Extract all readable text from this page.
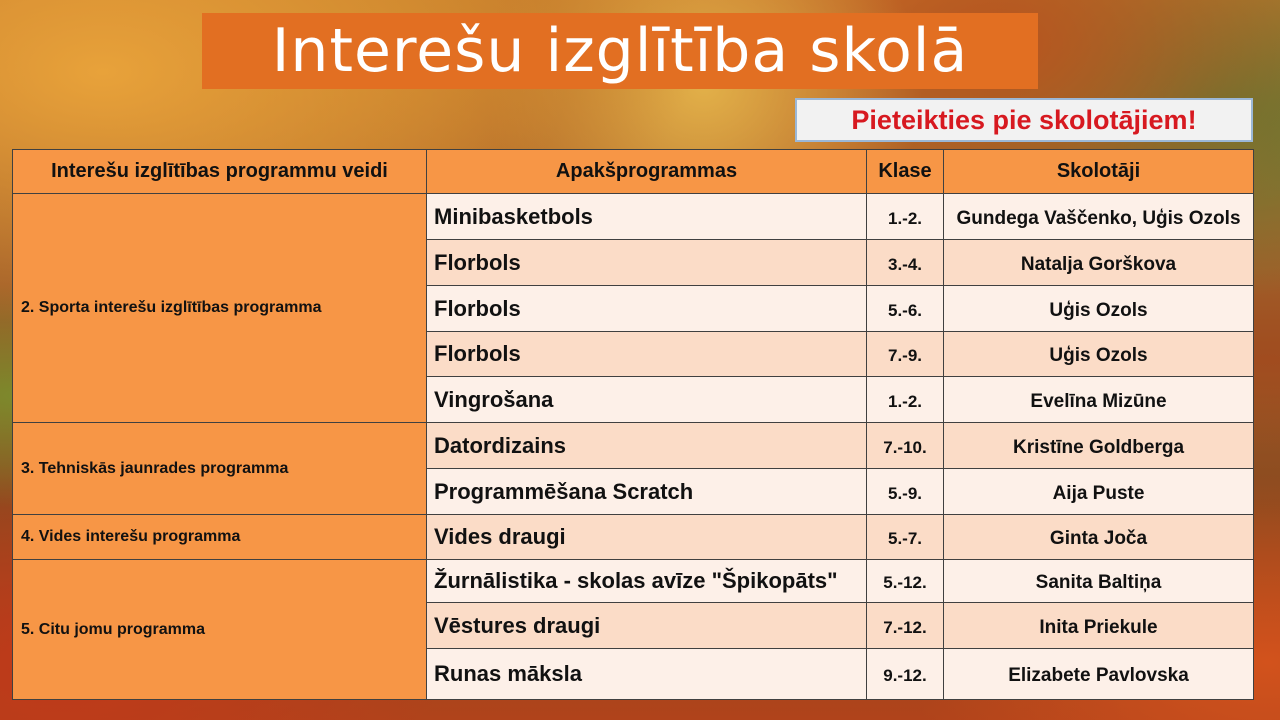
Interešu izglītība skolā
Pieteikties pie skolotājiem!
Interešu izglītības programmu veidi	Apakšprogrammas	Klase	Skolotāji
2. Sporta interešu izglītības programma	Minibasketbols	1.-2.	Gundega Vaščenko, Uģis Ozols
	Florbols	3.-4.	Natalja Gorškova
	Florbols	5.-6.	Uģis Ozols
	Florbols	7.-9.	Uģis Ozols
	Vingrošana	1.-2.	Evelīna Mizūne
3. Tehniskās jaunrades programma	Datordizains	7.-10.	Kristīne Goldberga
	Programmēšana Scratch	5.-9.	Aija Puste
4. Vides interešu programma	Vides draugi	5.-7.	Ginta Joča
5. Citu jomu programma	Žurnālistika - skolas avīze "Špikopāts"	5.-12.	Sanita Baltiņa
	Vēstures draugi	7.-12.	Inita Priekule
	Runas māksla	9.-12.	Elizabete Pavlovska
